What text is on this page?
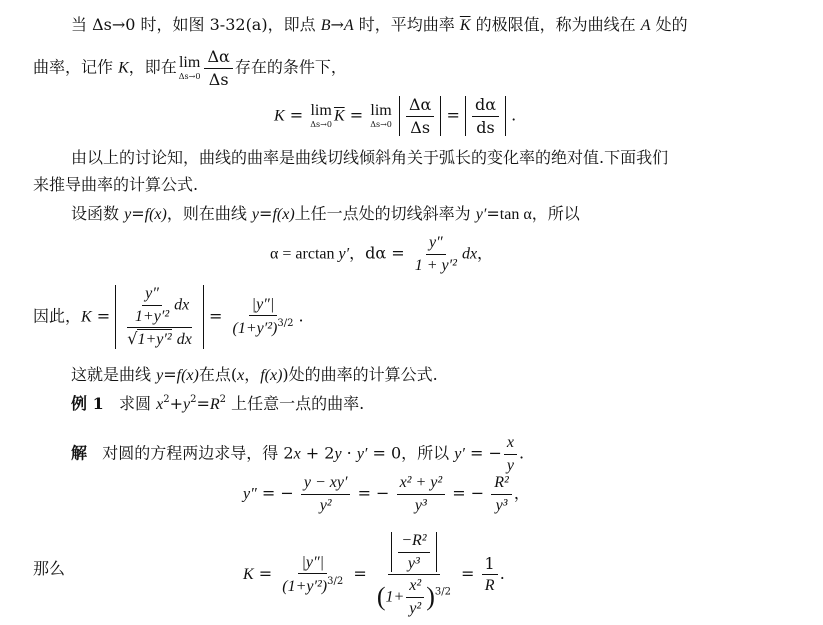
当 Δs→0 时，如图 3-32(a)，即点 B→A 时，平均曲率 $\overline{K}$ 的极限值，称为曲线在 A 处的
曲率，记作 K，即在 lim
$\Delta s\to 0 \frac{\Delta\alpha}{\Delta s}$ 存在的条件下，
K = lim
Δs→0 $\overline{K} = \lim$
Δs→0
$\frac{\Delta\alpha}{\Delta s} = \frac{d\alpha}{ds}$ .
由以上的讨论知，曲线的曲率是曲线切线倾斜角关于弧长的变化率的绝对值.下面我们
来推导曲率的计算公式.
设函数 y=f(x)，则在曲线 y=f(x)上任一点处的切线斜率为 y′=tan α，所以
α = arctan y′，$d\alpha = \frac{y''}{\text{1 + y′²}}$ dx，
因此，$K = \frac{\frac{y''}{\text{1+y′²}} dx}{\text{√1+y′² dx}} = \frac{|y''|}{(1+y'^2)^{3/2}}$ .
这就是曲线 y=f(x)在点(x，f(x))处的曲率的计算公式.
例 1 求圆 $x^2+y^2=R^2$ 上任意一点的曲率.
解 对圆的方程两边求导，得 2x + 2y · y′ = 0，所以 y′ = − $\frac{x}{y}$ .
y″ = − $\frac{y - xy'}{\text{y²}}$ = − $\frac{\text{x² + y²}}{\text{y³}}$ = − $\frac{\text{R²}}{\text{y³}}$ ，
那么	$K = \frac{|y''|}{(1+y'^2)^{3/2}} = \frac{\frac{\text{−R²}}{\text{y³}}}{(1+ \frac{\text{x²}}{\text{y²}} )^{3/2}} = \frac{1}{R}$ .
